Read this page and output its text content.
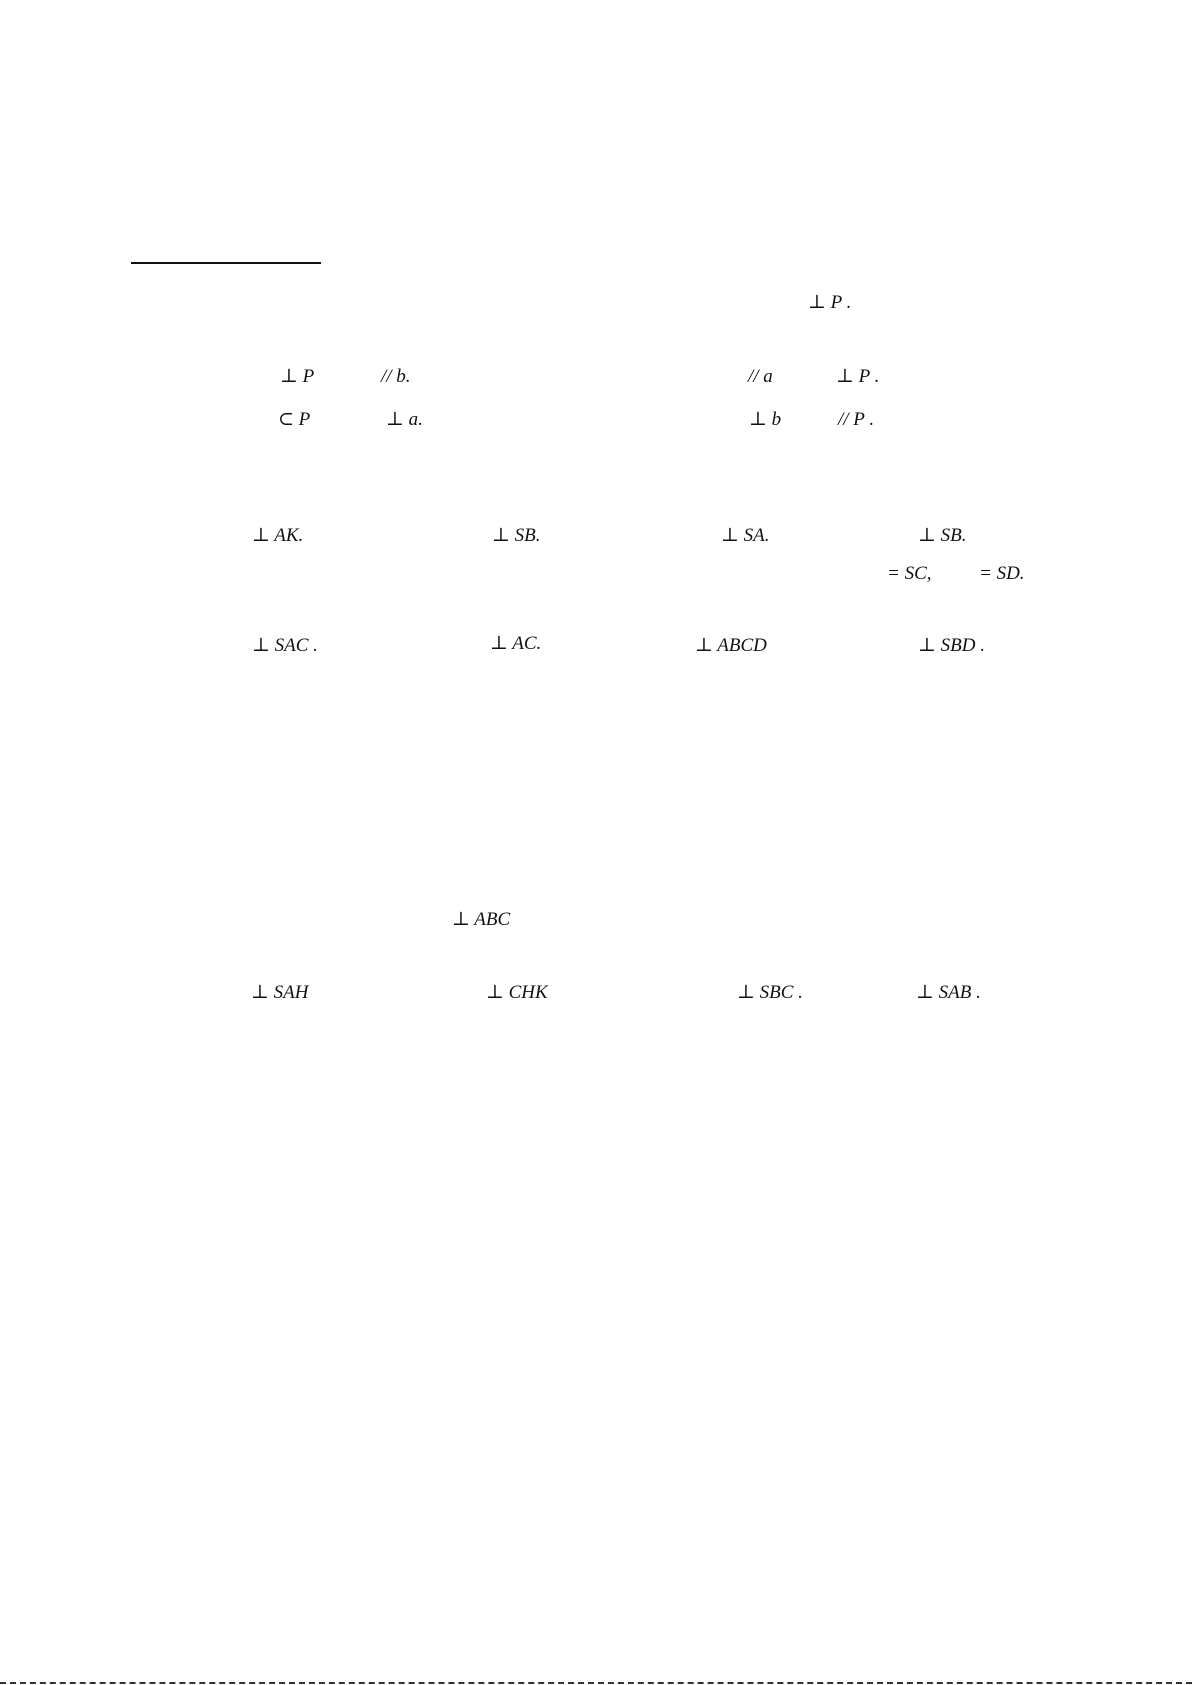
⊥ P .
⊥ P	// b.	// a	⊥ P .
⊂ P	⊥ a.	⊥ b	// P .
⊥ AK.	⊥ SB.	⊥ SA.	⊥ SB.
= SC,	= SD.
⊥ SAC .	⊥ AC.	⊥ ABCD	⊥ SBD .
⊥ ABC
⊥ SAH	⊥ CHK	⊥ SBC .	⊥ SAB .
